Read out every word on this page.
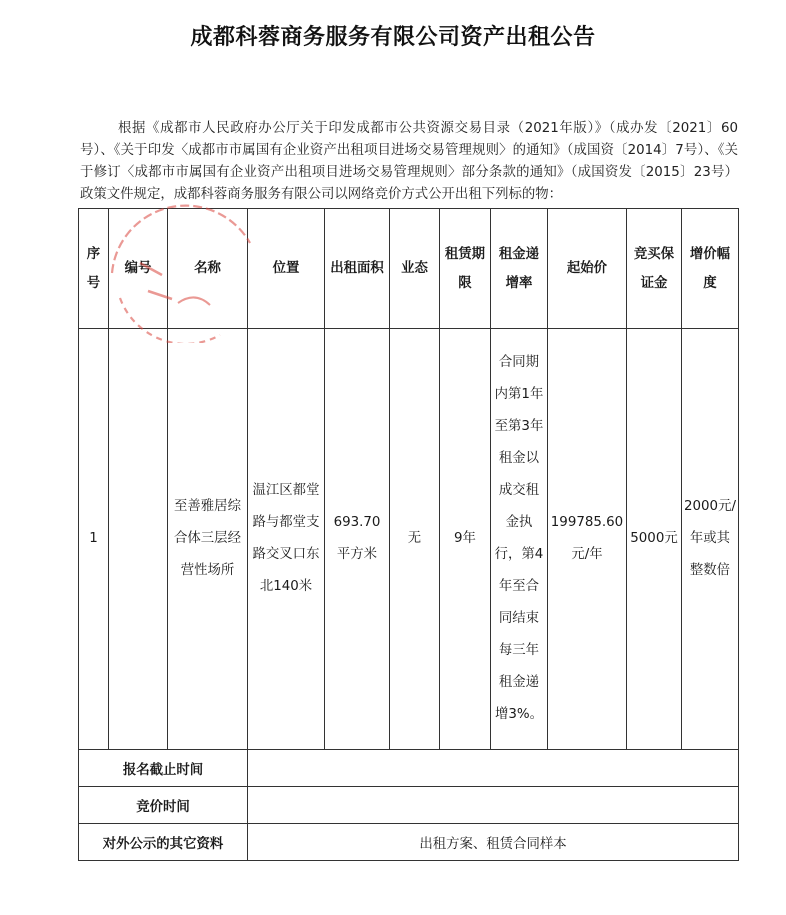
成都科蓉商务服务有限公司资产出租公告

根据《成都市人民政府办公厅关于印发成都市公共资源交易目录（2021年版）》（成办发〔2021〕60号）、《关于印发〈成都市市属国有企业资产出租项目进场交易管理规则〉的通知》（成国资〔2014〕7号）、《关于修订〈成都市市属国有企业资产出租项目进场交易管理规则〉部分条款的通知》（成国资发〔2015〕23号）政策文件规定，成都科蓉商务服务有限公司以网络竞价方式公开出租下列标的物：

序号	编号	名称	位置	出租面积	业态	租赁期限	租金递增率	起始价	竞买保证金	增价幅度
1		至善雅居综合体三层经营性场所	温江区都堂路与都堂支路交叉口东北140米	693.70平方米	无	9年	合同期内第1年至第3年租金以成交租金执行，第4年至合同结束每三年租金递增3%。	199785.60元/年	5000元	2000元/年或其整数倍
报名截止时间										
竞价时间										
对外公示的其它资料			出租方案、租赁合同样本							
